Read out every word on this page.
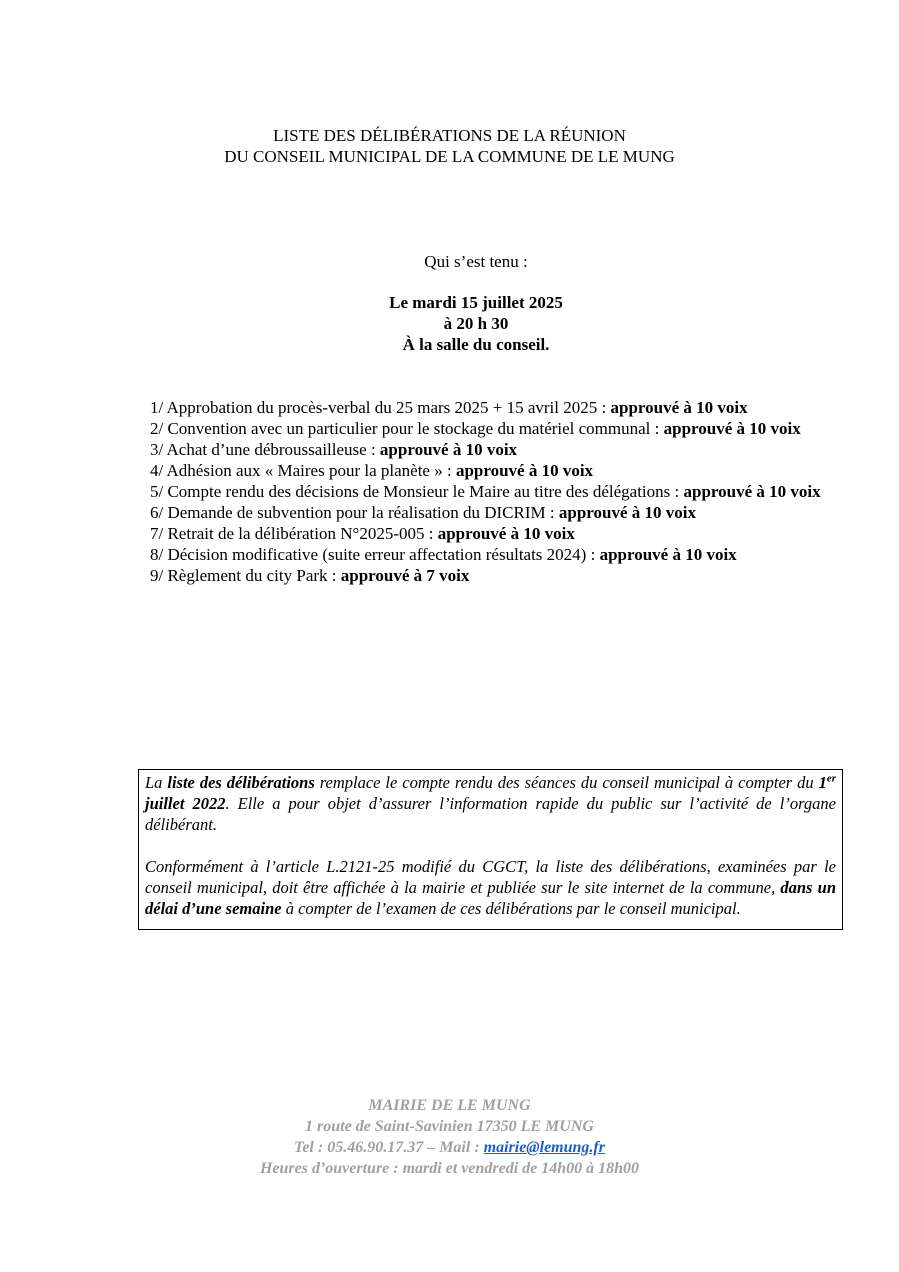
LISTE DES DÉLIBÉRATIONS DE LA RÉUNION
DU CONSEIL MUNICIPAL DE LA COMMUNE DE LE MUNG
Qui s’est tenu :
Le mardi 15 juillet 2025
à 20 h 30
À la salle du conseil.
1/ Approbation du procès-verbal du 25 mars 2025 + 15 avril 2025 : approuvé à 10 voix
2/ Convention avec un particulier pour le stockage du matériel communal : approuvé à 10 voix
3/ Achat d’une débroussailleuse : approuvé à 10 voix
4/ Adhésion aux « Maires pour la planète » : approuvé à 10 voix
5/ Compte rendu des décisions de Monsieur le Maire au titre des délégations : approuvé à 10 voix
6/ Demande de subvention pour la réalisation du DICRIM : approuvé à 10 voix
7/ Retrait de la délibération N°2025-005 : approuvé à 10 voix
8/ Décision modificative (suite erreur affectation résultats 2024) : approuvé à 10 voix
9/ Règlement du city Park : approuvé à 7 voix

La liste des délibérations remplace le compte rendu des séances du conseil municipal à compter du 1er juillet 2022. Elle a pour objet d’assurer l’information rapide du public sur l’activité de l’organe délibérant.

Conformément à l’article L.2121-25 modifié du CGCT, la liste des délibérations, examinées par le conseil municipal, doit être affichée à la mairie et publiée sur le site internet de la commune, dans un délai d’une semaine à compter de l’examen de ces délibérations par le conseil municipal.

MAIRIE DE LE MUNG
1 route de Saint-Savinien 17350 LE MUNG
Tel : 05.46.90.17.37 – Mail : mairie@lemung.fr
Heures d’ouverture : mardi et vendredi de 14h00 à 18h00
